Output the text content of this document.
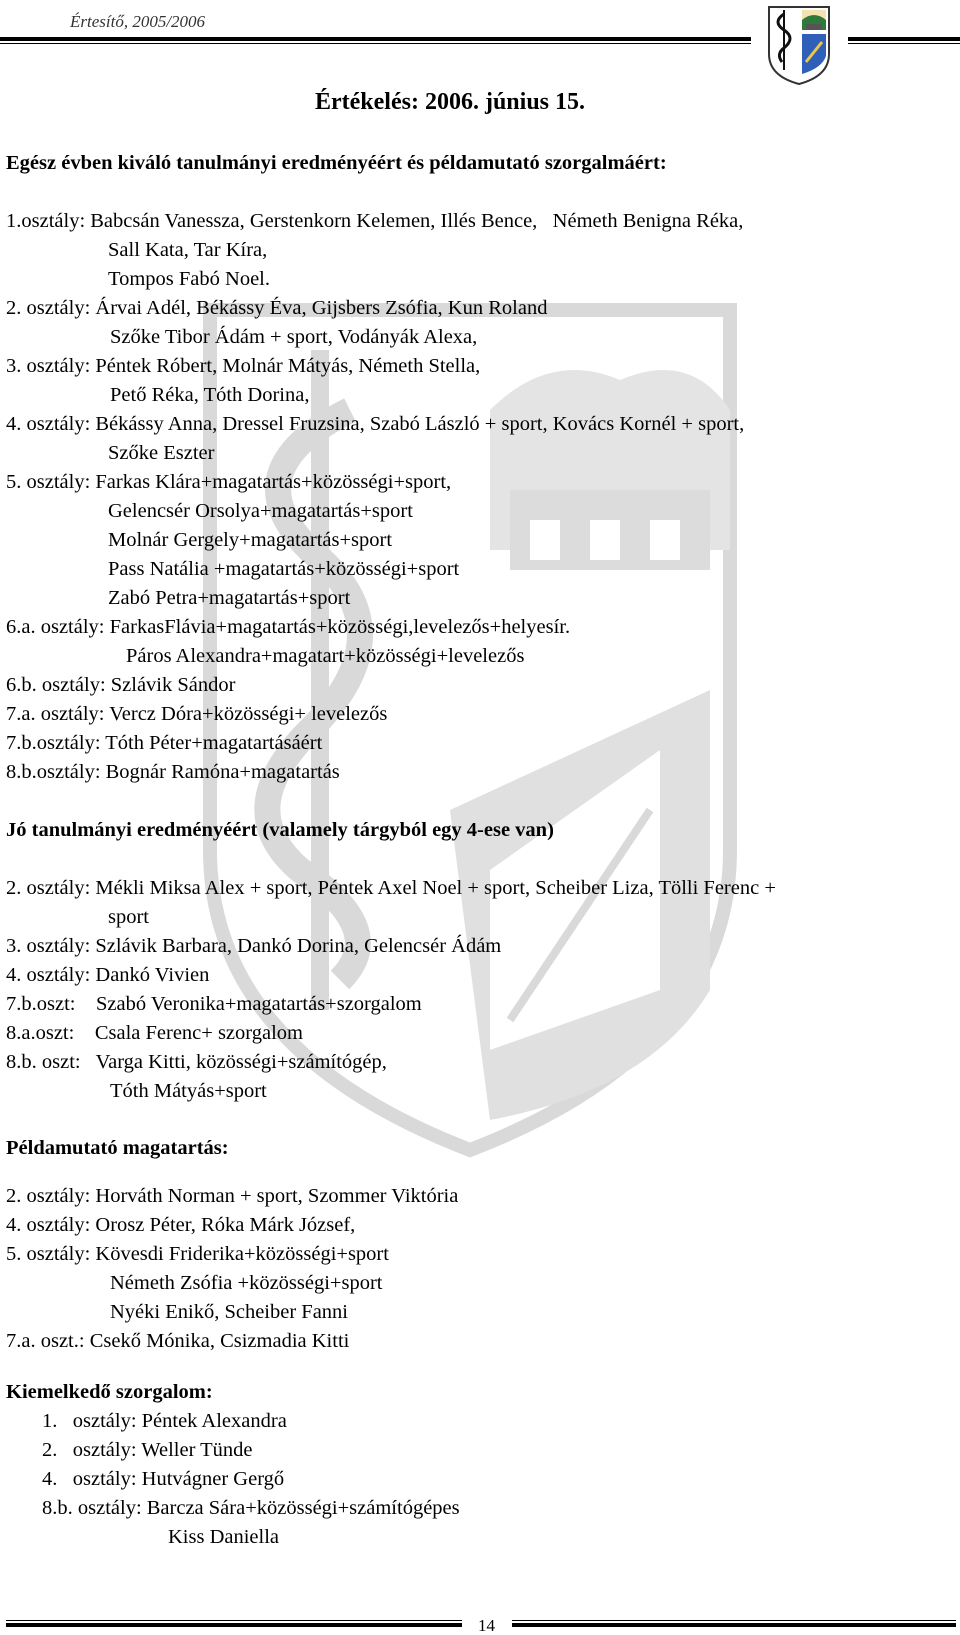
Értesítő, 2005/2006
Értékelés: 2006. június 15.
Egész évben kiváló tanulmányi eredményéért és példamutató szorgalmáért:
1.osztály: Babcsán Vanessza, Gerstenkorn Kelemen, Illés Bence,   Németh Benigna Réka,
Sall Kata, Tar Kíra,
Tompos Fabó Noel.
2. osztály: Árvai Adél, Békássy Éva, Gijsbers Zsófia, Kun Roland
Szőke Tibor Ádám + sport, Vodányák Alexa,
3. osztály: Péntek Róbert, Molnár Mátyás, Németh Stella,
Pető Réka, Tóth Dorina,
4. osztály: Békássy Anna, Dressel Fruzsina, Szabó László + sport, Kovács Kornél + sport,
Szőke Eszter
5. osztály: Farkas Klára+magatartás+közösségi+sport,
Gelencsér Orsolya+magatartás+sport
Molnár Gergely+magatartás+sport
Pass Natália +magatartás+közösségi+sport
Zabó Petra+magatartás+sport
6.a. osztály: FarkasFlávia+magatartás+közösségi,levelezős+helyesír.
Páros Alexandra+magatart+közösségi+levelezős
6.b. osztály: Szlávik Sándor
7.a. osztály: Vercz Dóra+közösségi+ levelezős
7.b.osztály: Tóth Péter+magatartásáért
8.b.osztály: Bognár Ramóna+magatartás
Jó tanulmányi eredményéért (valamely tárgyból egy 4-ese van)
2. osztály: Mékli Miksa Alex + sport, Péntek Axel Noel + sport, Scheiber Liza, Tölli Ferenc +
sport
3. osztály: Szlávik Barbara, Dankó Dorina, Gelencsér Ádám
4. osztály: Dankó Vivien
7.b.oszt:    Szabó Veronika+magatartás+szorgalom
8.a.oszt:    Csala Ferenc+ szorgalom
8.b. oszt:   Varga Kitti, közösségi+számítógép,
Tóth Mátyás+sport
Példamutató magatartás:
2. osztály: Horváth Norman + sport, Szommer Viktória
4. osztály: Orosz Péter, Róka Márk József,
5. osztály: Kövesdi Friderika+közösségi+sport
Németh Zsófia +közösségi+sport
Nyéki Enikő, Scheiber Fanni
7.a. oszt.: Csekő Mónika, Csizmadia Kitti
Kiemelkedő szorgalom:
1.   osztály: Péntek Alexandra
2.   osztály: Weller Tünde
4.   osztály: Hutvágner Gergő
8.b. osztály: Barcza Sára+közösségi+számítógépes
Kiss Daniella
14
